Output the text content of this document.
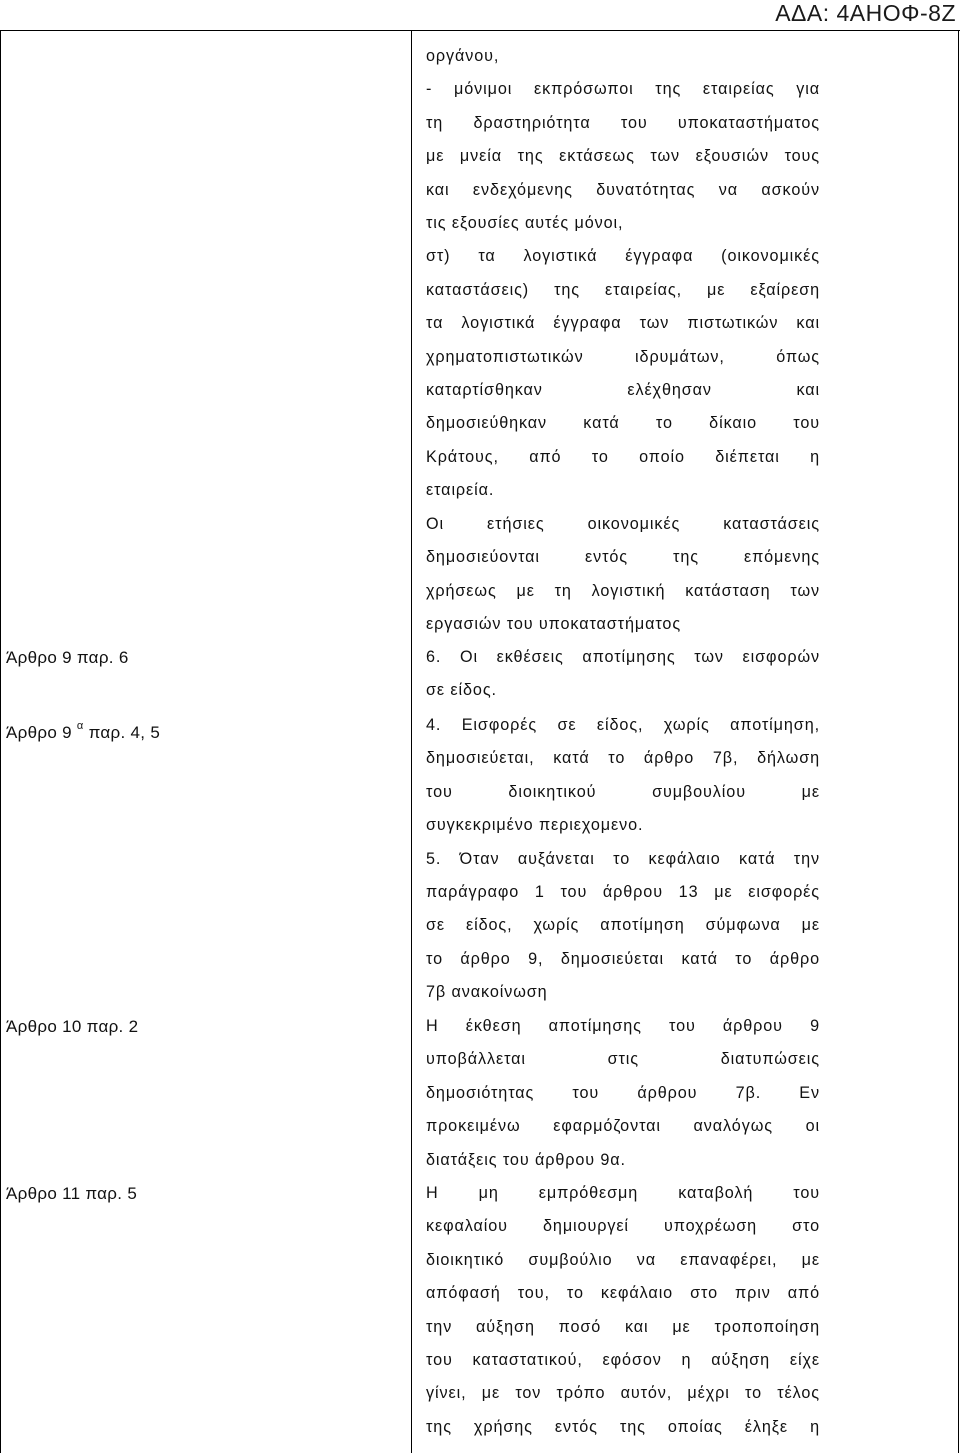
ΑΔΑ: 4ΑΗΟΦ-8Ζ
οργάνου,
- μόνιμοι εκπρόσωποι της εταιρείας για
τη δραστηριότητα του υποκαταστήματος
με μνεία της εκτάσεως των εξουσιών τους
και ενδεχόμενης δυνατότητας να ασκούν
τις εξουσίες αυτές μόνοι,
στ) τα λογιστικά έγγραφα (οικονομικές
καταστάσεις) της εταιρείας, με εξαίρεση
τα λογιστικά έγγραφα των πιστωτικών και
χρηματοπιστωτικών ιδρυμάτων, όπως
καταρτίσθηκαν ελέχθησαν και
δημοσιεύθηκαν κατά το δίκαιο του
Κράτους, από το οποίο διέπεται η
εταιρεία.
Οι ετήσιες οικονομικές καταστάσεις
δημοσιεύονται εντός της επόμενης
χρήσεως με τη λογιστική κατάσταση των
εργασιών του υποκαταστήματος
Άρθρο 9 παρ. 6	6. Οι εκθέσεις αποτίμησης των εισφορών
σε είδος.
Άρθρο 9 $^\alpha$ παρ. 4, 5	4. Εισφορές σε είδος, χωρίς αποτίμηση,
δημοσιεύεται, κατά το άρθρο 7β, δήλωση
του διοικητικού συμβουλίου με
συγκεκριμένο περιεχομενο.
5. Όταν αυξάνεται το κεφάλαιο κατά την
παράγραφο 1 του άρθρου 13 με εισφορές
σε είδος, χωρίς αποτίμηση σύμφωνα με
το άρθρο 9, δημοσιεύεται κατά το άρθρο
7β ανακοίνωση
Άρθρο 10 παρ. 2	Η έκθεση αποτίμησης του άρθρου 9
υποβάλλεται στις διατυπώσεις
δημοσιότητας του άρθρου 7β. Εν
προκειμένω εφαρμόζονται αναλόγως οι
διατάξεις του άρθρου 9α.
Άρθρο 11 παρ. 5	Η μη εμπρόθεσμη καταβολή του
κεφαλαίου δημιουργεί υποχρέωση στο
διοικητικό συμβούλιο να επαναφέρει, με
απόφασή του, το κεφάλαιο στο πριν από
την αύξηση ποσό και με τροποποίηση
του καταστατικού, εφόσον η αύξηση είχε
γίνει, με τον τρόπο αυτόν, μέχρι το τέλος
της χρήσης εντός της οποίας έληξε η
